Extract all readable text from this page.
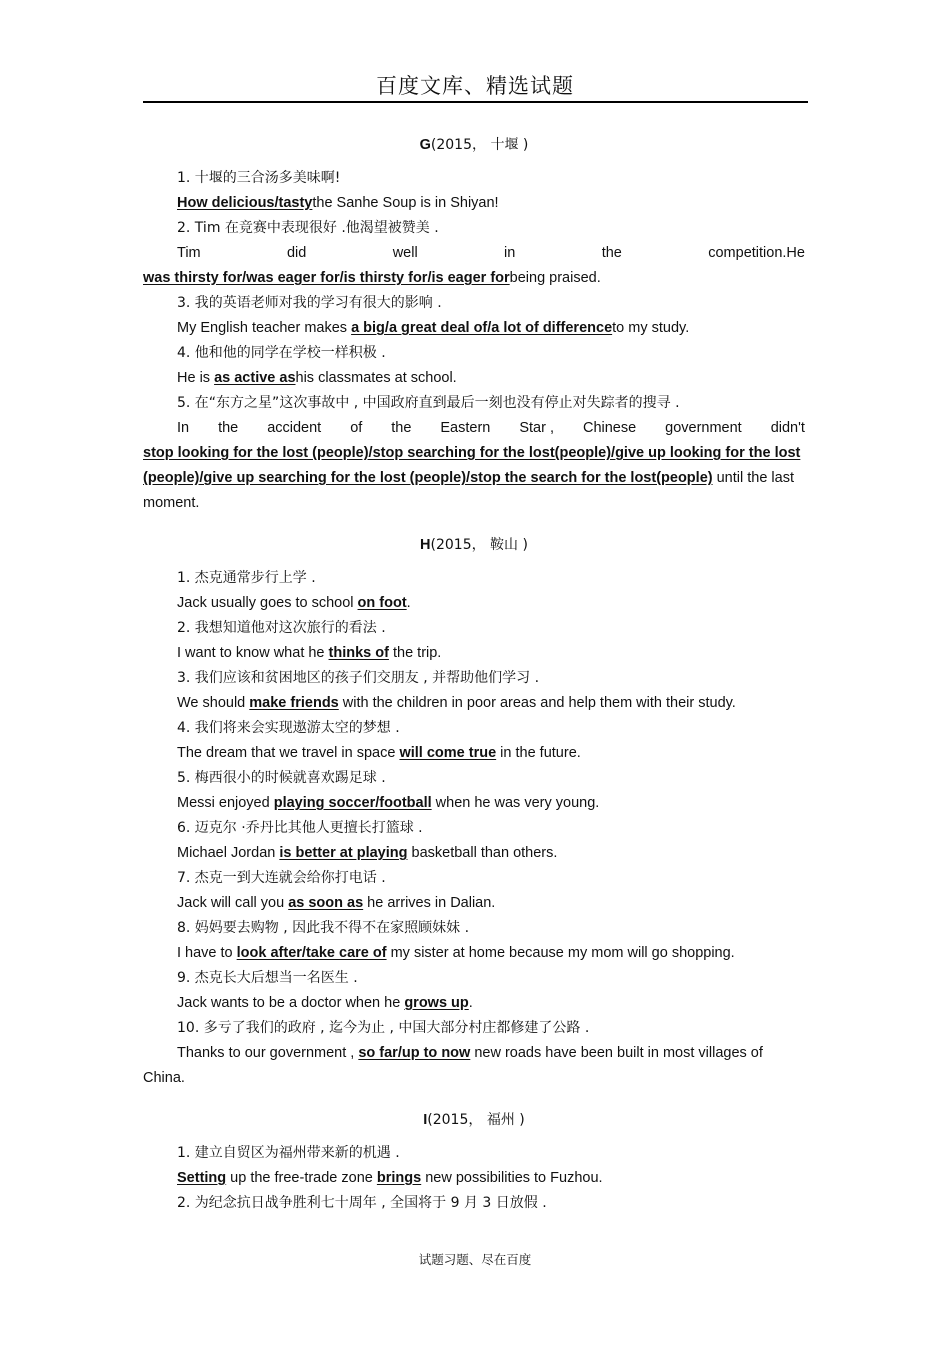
百度文库、精选试题
G(2015， 十堰 )
1. 十堰的三合汤多美味啊!
How delicious/tastythe Sanhe Soup is in Shiyan!
2. Tim 在竞赛中表现很好 .他渴望被赞美 .
Tim	did	well	in	the	competition.He
was thirsty for/was eager for/is thirsty for/is eager forbeing praised.
3. 我的英语老师对我的学习有很大的影响 .
My English teacher makes a big/a great deal of/a lot of differenceto my study.
4. 他和他的同学在学校一样积极 .
He is as active ashis classmates at school.
5. 在“东方之星”这次事故中 , 中国政府直到最后一刻也没有停止对失踪者的搜寻 .
In the accident of the Eastern Star , Chinese government didn't
stop looking for the lost (people)/stop searching for the lost(people)/give up looking for the lost (people)/give up searching for the lost (people)/stop the search for the lost(people) until the last moment.
H(2015， 鞍山 )
1. 杰克通常步行上学 .
Jack usually goes to school on foot.
2. 我想知道他对这次旅行的看法 .
I want to know what he thinks of the trip.
3. 我们应该和贫困地区的孩子们交朋友 , 并帮助他们学习 .
We should make friends with the children in poor areas and help them with their study.
4. 我们将来会实现遨游太空的梦想 .
The dream that we travel in space will come true in the future.
5. 梅西很小的时候就喜欢踢足球 .
Messi enjoyed playing soccer/football when he was very young.
6. 迈克尔 ·乔丹比其他人更擅长打篮球 .
Michael Jordan is better at playing basketball than others.
7. 杰克一到大连就会给你打电话 .
Jack will call you as soon as he arrives in Dalian.
8. 妈妈要去购物 , 因此我不得不在家照顾妹妹 .
I have to look after/take care of my sister at home because my mom will go shopping.
9. 杰克长大后想当一名医生 .
Jack wants to be a doctor when he grows up.
10. 多亏了我们的政府 , 迄今为止 , 中国大部分村庄都修建了公路 .
Thanks to our government , so far/up to now new roads have been built in most villages of
China.
I(2015， 福州 )
1. 建立自贸区为福州带来新的机遇 .
Setting up the free-trade zone brings new possibilities to Fuzhou.
2. 为纪念抗日战争胜利七十周年 , 全国将于 9 月 3 日放假 .
试题习题、尽在百度
